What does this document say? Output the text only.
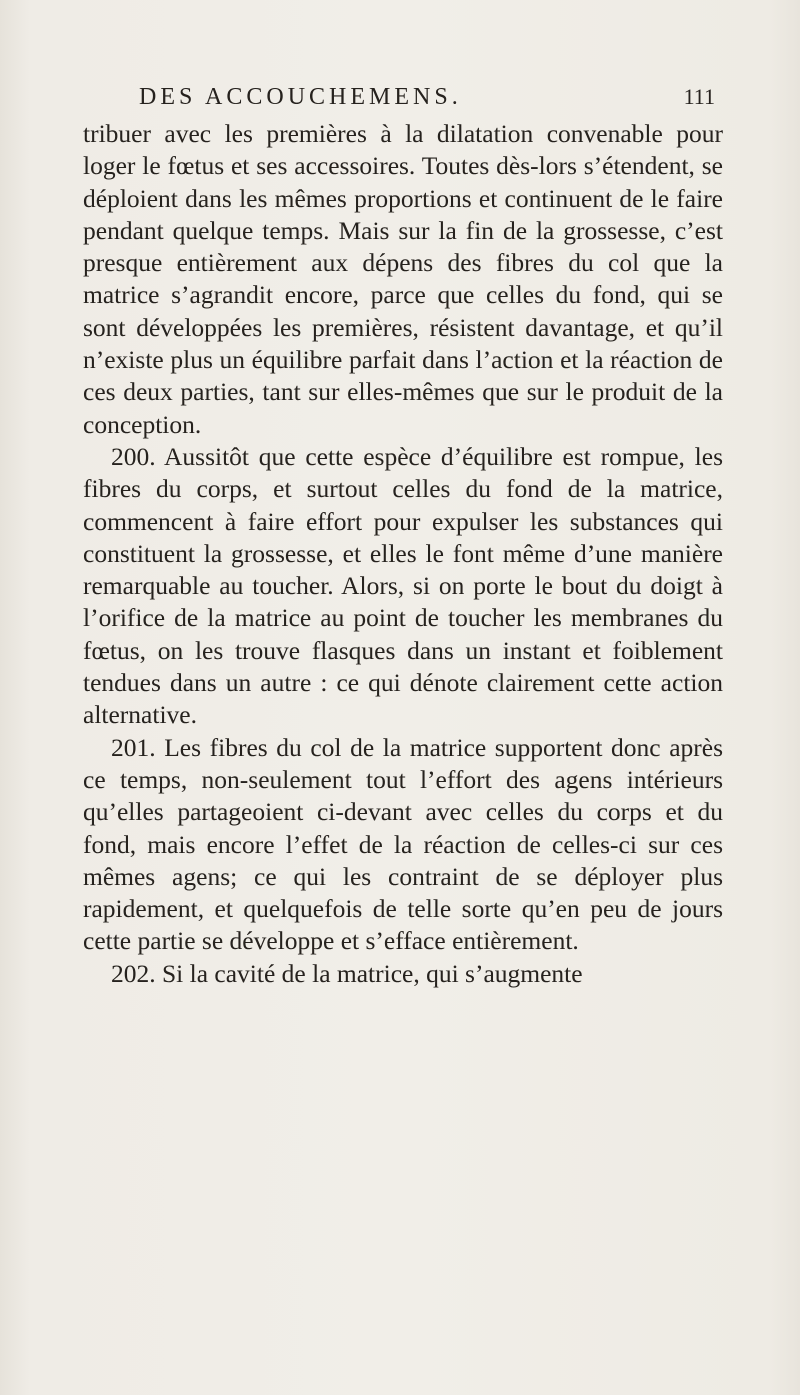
DES ACCOUCHEMENS.	111

tribuer avec les premières à la dilatation convenable pour loger le fœtus et ses accessoires. Toutes dès-lors s’étendent, se déploient dans les mêmes proportions et continuent de le faire pendant quelque temps. Mais sur la fin de la grossesse, c’est presque entièrement aux dépens des fibres du col que la matrice s’agrandit encore, parce que celles du fond, qui se sont développées les premières, résistent davantage, et qu’il n’existe plus un équilibre parfait dans l’action et la réaction de ces deux parties, tant sur elles-mêmes que sur le produit de la conception.

200. Aussitôt que cette espèce d’équilibre est rompue, les fibres du corps, et surtout celles du fond de la matrice, commencent à faire effort pour expulser les substances qui constituent la grossesse, et elles le font même d’une manière remarquable au toucher. Alors, si on porte le bout du doigt à l’orifice de la matrice au point de toucher les membranes du fœtus, on les trouve flasques dans un instant et foiblement tendues dans un autre : ce qui dénote clairement cette action alternative.

201. Les fibres du col de la matrice supportent donc après ce temps, non-seulement tout l’effort des agens intérieurs qu’elles partageoient ci-devant avec celles du corps et du fond, mais encore l’effet de la réaction de celles-ci sur ces mêmes agens; ce qui les contraint de se déployer plus rapidement, et quelquefois de telle sorte qu’en peu de jours cette partie se développe et s’efface entièrement.

202. Si la cavité de la matrice, qui s’augmente
